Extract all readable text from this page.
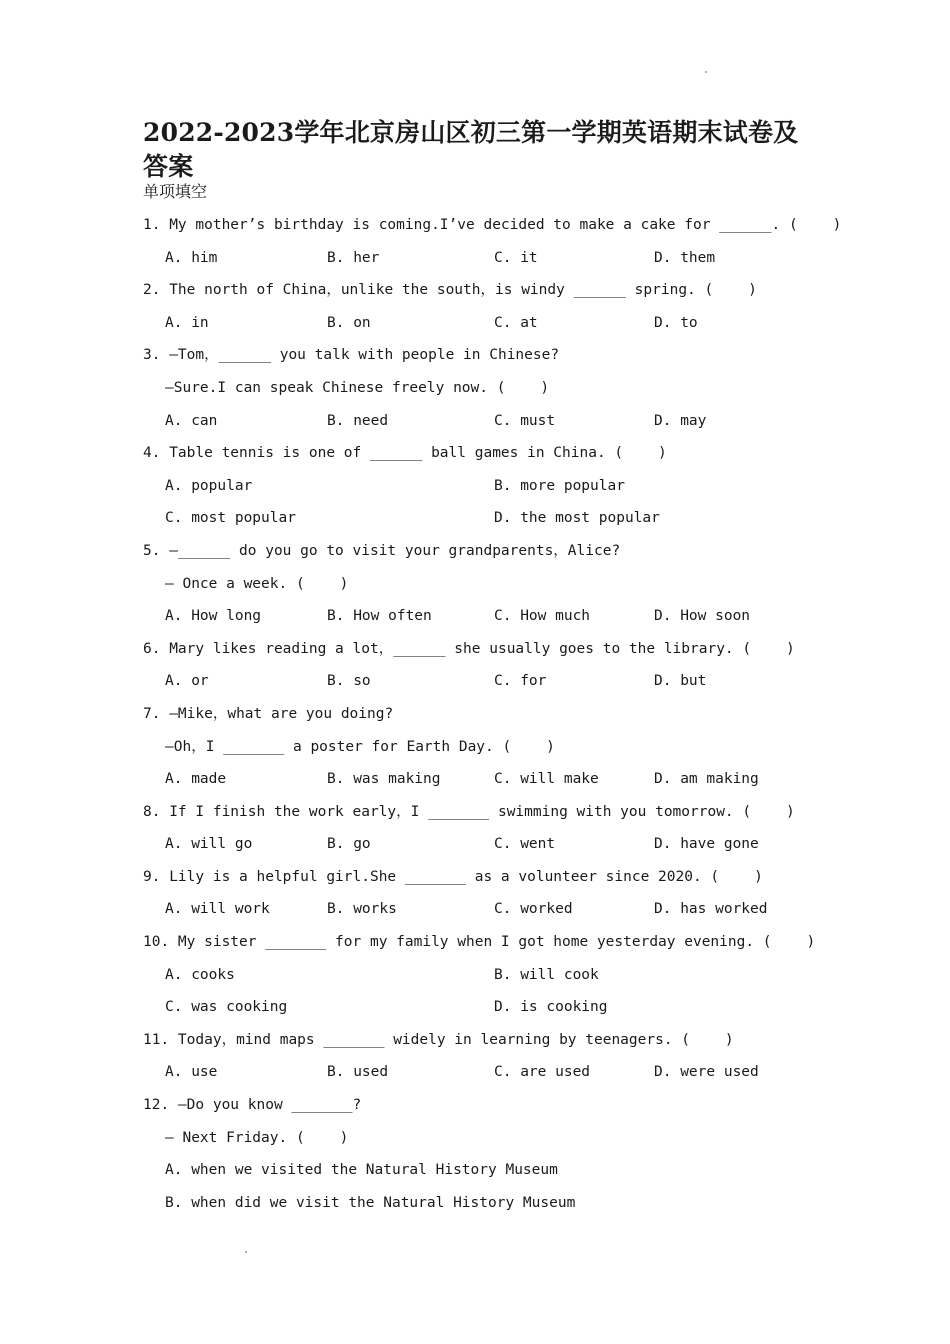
2022-2023学年北京房山区初三第一学期英语期末试卷及答案
单项填空
1. My mother’s birthday is coming.I’ve decided to make a cake for ______. (    )
A. him	B. her	C. it	D. them
2. The north of China，unlike the south，is windy ______ spring. (    )
A. in	B. on	C. at	D. to
3. —Tom，______ you talk with people in Chinese?
—Sure.I can speak Chinese freely now. (    )
A. can	B. need	C. must	D. may
4. Table tennis is one of ______ ball games in China. (    )
A. popular	B. more popular
C. most popular	D. the most popular
5. —______ do you go to visit your grandparents，Alice?
— Once a week. (    )
A. How long	B. How often	C. How much	D. How soon
6. Mary likes reading a lot，______ she usually goes to the library. (    )
A. or	B. so	C. for	D. but
7. —Mike，what are you doing?
—Oh，I _______ a poster for Earth Day. (    )
A. made	B. was making	C. will make	D. am making
8. If I finish the work early，I _______ swimming with you tomorrow. (    )
A. will go	B. go	C. went	D. have gone
9. Lily is a helpful girl.She _______ as a volunteer since 2020. (    )
A. will work	B. works	C. worked	D. has worked
10. My sister _______ for my family when I got home yesterday evening. (    )
A. cooks	B. will cook
C. was cooking	D. is cooking
11. Today，mind maps _______ widely in learning by teenagers. (    )
A. use	B. used	C. are used	D. were used
12. —Do you know _______?
— Next Friday. (    )
A. when we visited the Natural History Museum
B. when did we visit the Natural History Museum
